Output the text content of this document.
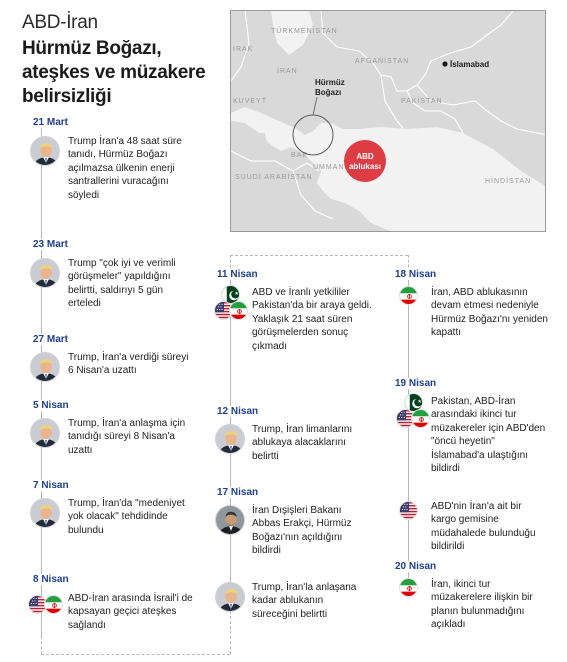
ABD-İran
Hürmüz Boğazı, ateşkes ve müzakere belirsizliği
TÜRKMENİSTAN
AFGANİSTAN
İRAN
IRAK
KUVEYT	PAKİSTAN
BAE
UMMAN
SUUDİ ARABİSTAN
HİNDİSTAN
Hürmüz
Boğazı
ABD
ablukası
İslamabad
21 Mart
Trump İran'a 48 saat süre tanıdı, Hürmüz Boğazı açılmazsa ülkenin enerji santrallerini vuracağını söyledi
23 Mart
Trump "çok iyi ve verimli görüşmeler" yapıldığını belirtti, saldırıyı 5 gün erteledi
27 Mart
Trump, İran'a verdiği süreyi 6 Nisan'a uzattı
5 Nisan
Trump, İran'a anlaşma için tanıdığı süreyi 8 Nisan'a uzattı
7 Nisan
Trump, İran'da "medeniyet yok olacak" tehdidinde bulundu
8 Nisan
ABD-İran arasında İsrail'i de kapsayan geçici ateşkes sağlandı
11 Nisan
ABD ve İranlı yetkililer Pakistan'da bir araya geldi. Yaklaşık 21 saat süren görüşmelerden sonuç çıkmadı
12 Nisan
Trump, İran limanlarını ablukaya alacaklarını belirtti
17 Nisan
İran Dışişleri Bakanı Abbas Erakçi, Hürmüz Boğazı'nın açıldığını bildirdi
Trump, İran'la anlaşana kadar ablukanın süreceğini belirtti
18 Nisan
İran, ABD ablukasının devam etmesi nedeniyle Hürmüz Boğazı'nı yeniden kapattı
19 Nisan
Pakistan, ABD-İran arasındaki ikinci tur müzakereler için ABD'den "öncü heyetin" İslamabad'a ulaştığını bildirdi
ABD'nin İran'a ait bir kargo gemisine müdahalede bulunduğu bildirildi
20 Nisan
İran, ikinci tur müzakerelere ilişkin bir planın bulunmadığını açıkladı
